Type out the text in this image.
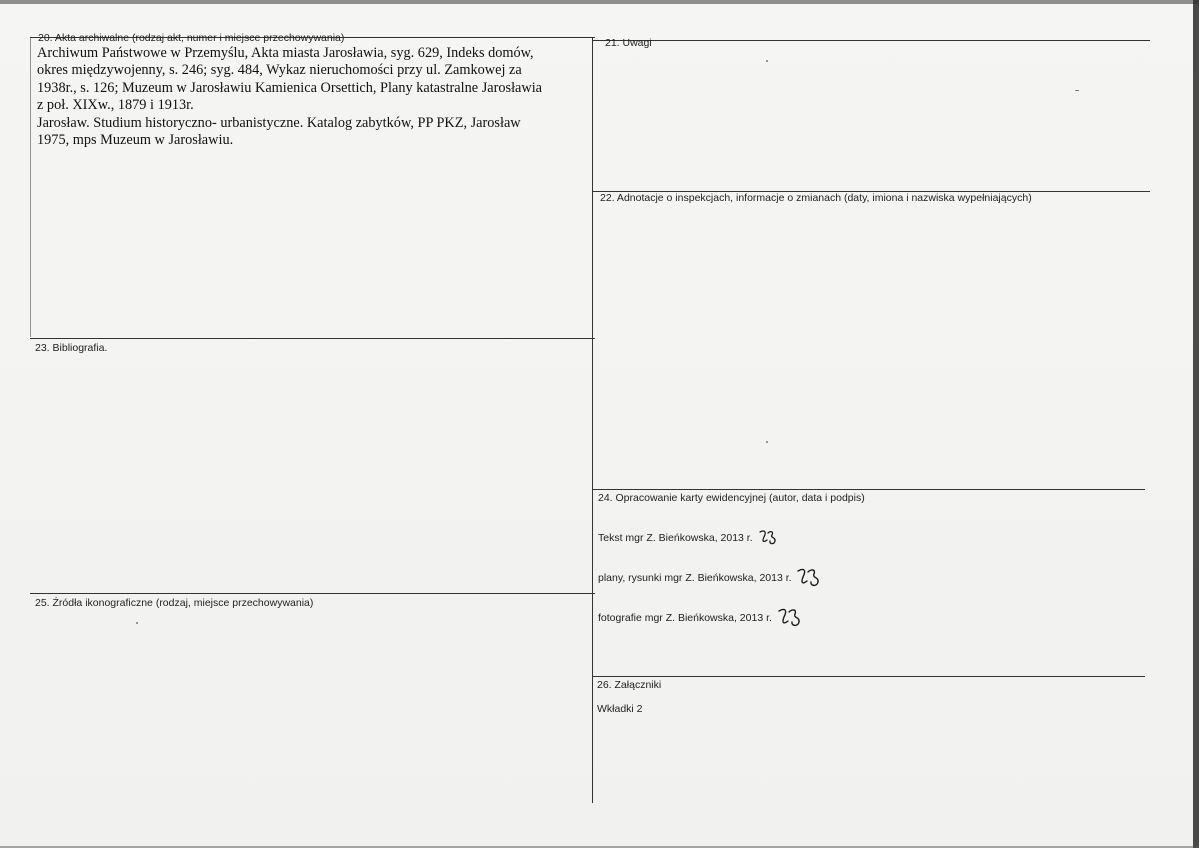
20. Akta archiwalne (rodzaj akt, numer i miejsce przechowywania)
Archiwum Państwowe w Przemyślu, Akta miasta Jarosławia, syg. 629, Indeks domów,
okres międzywojenny, s. 246; syg. 484, Wykaz nieruchomości przy ul. Zamkowej za
1938r., s. 126; Muzeum w Jarosławiu Kamienica Orsettich, Plany katastralne Jarosławia
z poł. XIXw., 1879 i 1913r.
Jarosław. Studium historyczno- urbanistyczne. Katalog zabytków, PP PKZ, Jarosław
1975, mps Muzeum w Jarosławiu.
21. Uwagi
22. Adnotacje o inspekcjach, informacje o zmianach (daty, imiona i nazwiska wypełniających)
23. Bibliografia.
24. Opracowanie karty ewidencyjnej (autor, data i podpis)
Tekst mgr Z. Bieńkowska, 2013 r.
plany, rysunki mgr Z. Bieńkowska, 2013 r.
fotografie mgr Z. Bieńkowska, 2013 r.
25. Źródła ikonograficzne (rodzaj, miejsce przechowywania)
26. Załączniki
Wkładki 2
